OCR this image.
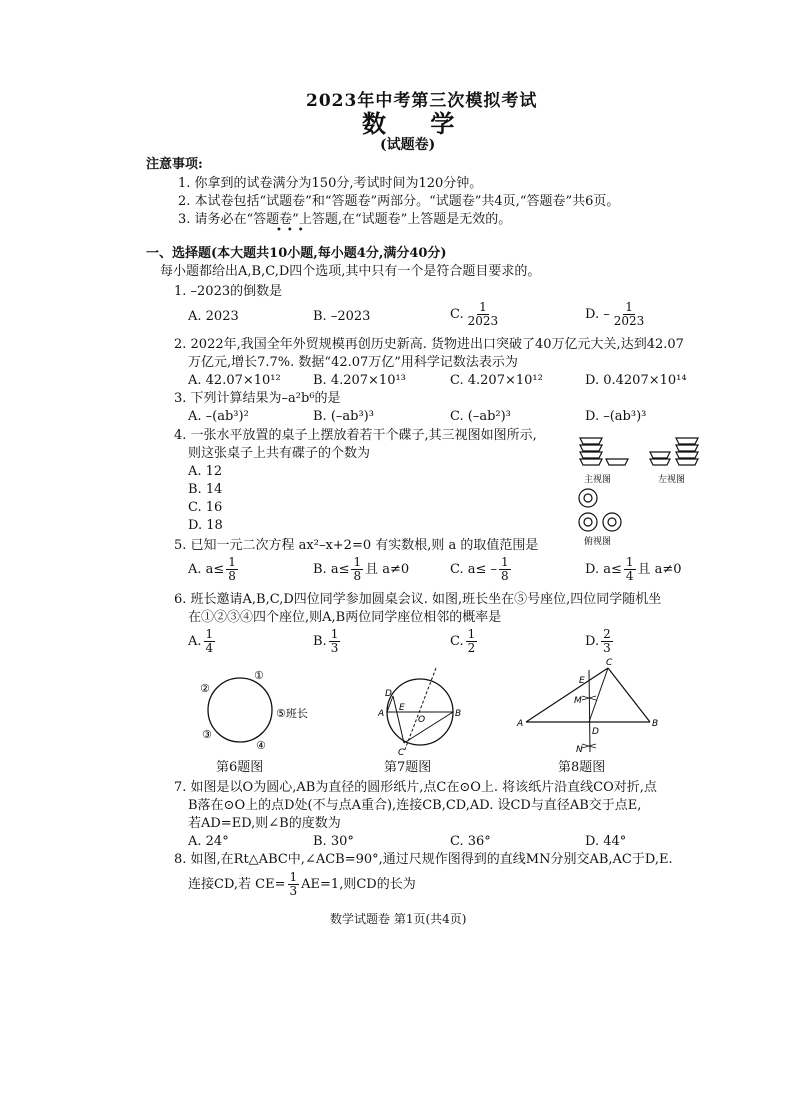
2023年中考第三次模拟考试
数 学
(试题卷)
注意事项:
1. 你拿到的试卷满分为150分,考试时间为120分钟。
2. 本试卷包括“试题卷”和“答题卷”两部分。“试题卷”共4页,“答题卷”共6页。
3. 请务必在“答题卷”上答题,在“试题卷”上答题是无效的。
•••
一、选择题(本大题共10小题,每小题4分,满分40分)
每小题都给出A,B,C,D四个选项,其中只有一个是符合题目要求的。
1. –2023的倒数是
A. 2023	B. –2023	C. $\frac{1}{2023}$	D. – $\frac{1}{2023}$
2. 2022年,我国全年外贸规模再创历史新高. 货物进出口突破了40万亿元大关,达到42.07
万亿元,增长7.7%. 数据“42.07万亿”用科学记数法表示为
A. 42.07×10¹² B. 4.207×10¹³	C. 4.207×10¹²	D. 0.4207×10¹⁴
3. 下列计算结果为–a²b⁶的是
A. –(ab³)²	B. (–ab³)³	C. (–ab²)³	D. –(ab³)³
4. 一张水平放置的桌子上摆放着若干个碟子,其三视图如图所示,
则这张桌子上共有碟子的个数为
A. 12
B. 14
C. 16
D. 18
主视图	左视图
俯视图
5. 已知一元二次方程 ax²–x+2=0 有实数根,则 a 的取值范围是
A. $a\le \frac{1}{8}$	B. $a\le \frac{1}{8}$ 且 a≠0	C. $a\le - \frac{1}{8}$	D. $a\le \frac{1}{4}$ 且 a≠0
6. 班长邀请A,B,C,D四位同学参加圆桌会议. 如图,班长坐在⑤号座位,四位同学随机坐
在①②③④四个座位,则A,B两位同学座位相邻的概率是
A. $\frac{1}{4}$	B. $\frac{1}{3}$	C. $\frac{1}{2}$	D. $\frac{2}{3}$
①
②
③
④
⑤班长
第6题图
A	B
C
D
E
O
第7题图
A	B
C
D
E
M
N
第8题图
7. 如图是以O为圆心,AB为直径的圆形纸片,点C在⊙O上. 将该纸片沿直线CO对折,点
B落在⊙O上的点D处(不与点A重合),连接CB,CD,AD. 设CD与直径AB交于点E,
若AD=ED,则∠B的度数为
A. 24°	B. 30°	C. 36°	D. 44°
8. 如图,在Rt△ABC中,∠ACB=90°,通过尺规作图得到的直线MN分别交AB,AC于D,E.
连接CD,若 $CE= \frac{1}{3} AE=1$,则CD的长为
数学试题卷 第1页(共4页)
